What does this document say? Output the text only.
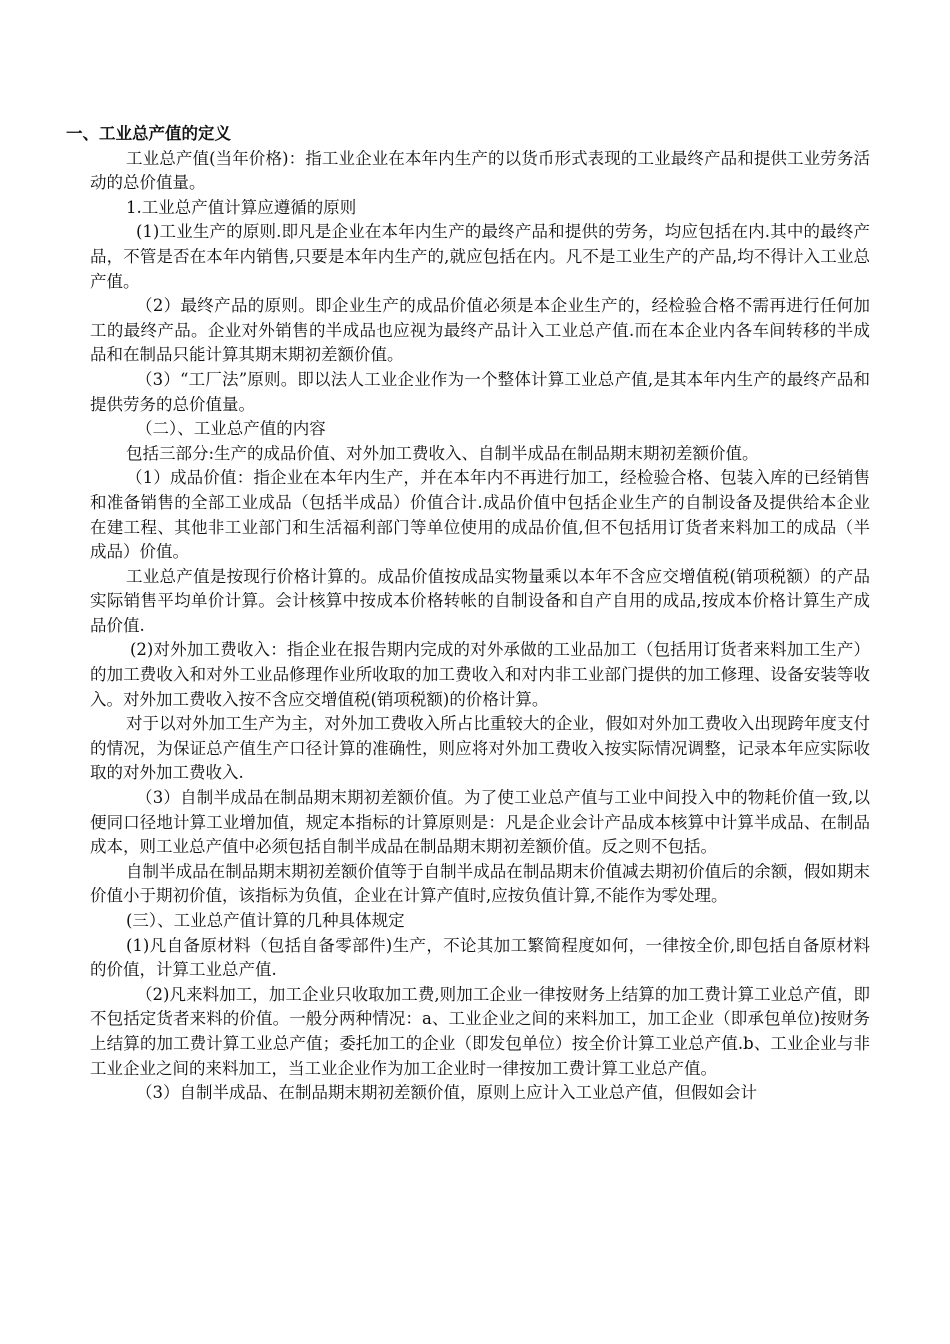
一、工业总产值的定义

工业总产值(当年价格)：指工业企业在本年内生产的以货币形式表现的工业最终产品和提供工业劳务活动的总价值量。

1.工业总产值计算应遵循的原则

(1)工业生产的原则.即凡是企业在本年内生产的最终产品和提供的劳务，均应包括在内.其中的最终产品，不管是否在本年内销售,只要是本年内生产的,就应包括在内。凡不是工业生产的产品,均不得计入工业总产值。

（2）最终产品的原则。即企业生产的成品价值必须是本企业生产的，经检验合格不需再进行任何加工的最终产品。企业对外销售的半成品也应视为最终产品计入工业总产值.而在本企业内各车间转移的半成品和在制品只能计算其期末期初差额价值。

（3）“工厂法”原则。即以法人工业企业作为一个整体计算工业总产值,是其本年内生产的最终产品和提供劳务的总价值量。

（二）、工业总产值的内容

包括三部分:生产的成品价值、对外加工费收入、自制半成品在制品期末期初差额价值。

（1）成品价值：指企业在本年内生产，并在本年内不再进行加工，经检验合格、包装入库的已经销售和准备销售的全部工业成品（包括半成品）价值合计.成品价值中包括企业生产的自制设备及提供给本企业在建工程、其他非工业部门和生活福利部门等单位使用的成品价值,但不包括用订货者来料加工的成品（半成品）价值。

工业总产值是按现行价格计算的。成品价值按成品实物量乘以本年不含应交增值税(销项税额）的产品实际销售平均单价计算。会计核算中按成本价格转帐的自制设备和自产自用的成品,按成本价格计算生产成品价值.

(2)对外加工费收入：指企业在报告期内完成的对外承做的工业品加工（包括用订货者来料加工生产）的加工费收入和对外工业品修理作业所收取的加工费收入和对内非工业部门提供的加工修理、设备安装等收入。对外加工费收入按不含应交增值税(销项税额)的价格计算。

对于以对外加工生产为主，对外加工费收入所占比重较大的企业，假如对外加工费收入出现跨年度支付的情况，为保证总产值生产口径计算的准确性，则应将对外加工费收入按实际情况调整，记录本年应实际收取的对外加工费收入.

（3）自制半成品在制品期末期初差额价值。为了使工业总产值与工业中间投入中的物耗价值一致,以便同口径地计算工业增加值，规定本指标的计算原则是：凡是企业会计产品成本核算中计算半成品、在制品成本，则工业总产值中必须包括自制半成品在制品期末期初差额价值。反之则不包括。

自制半成品在制品期末期初差额价值等于自制半成品在制品期末价值减去期初价值后的余额，假如期末价值小于期初价值，该指标为负值，企业在计算产值时,应按负值计算,不能作为零处理。

(三）、工业总产值计算的几种具体规定

(1)凡自备原材料（包括自备零部件)生产，不论其加工繁简程度如何，一律按全价,即包括自备原材料的价值，计算工业总产值.

（2)凡来料加工，加工企业只收取加工费,则加工企业一律按财务上结算的加工费计算工业总产值，即不包括定货者来料的价值。一般分两种情况：a、工业企业之间的来料加工，加工企业（即承包单位)按财务上结算的加工费计算工业总产值；委托加工的企业（即发包单位）按全价计算工业总产值.b、工业企业与非工业企业之间的来料加工，当工业企业作为加工企业时一律按加工费计算工业总产值。

（3）自制半成品、在制品期末期初差额价值，原则上应计入工业总产值，但假如会计
